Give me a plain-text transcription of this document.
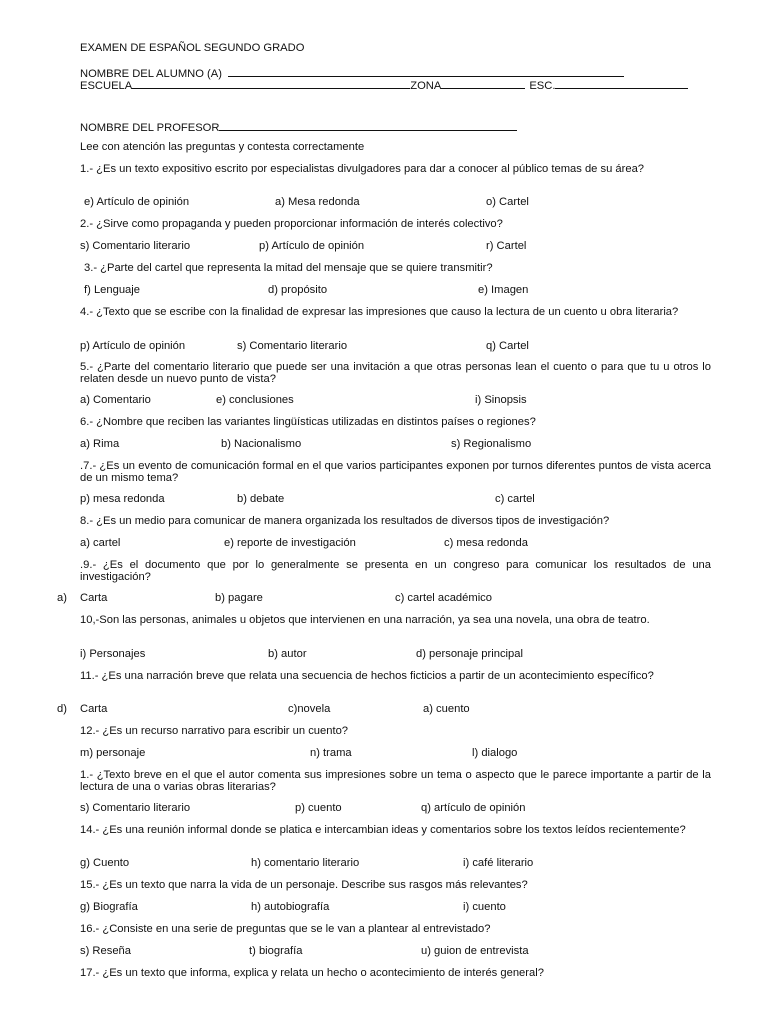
EXAMEN DE ESPAÑOL SEGUNDO GRADO
NOMBRE DEL ALUMNO (A)
ESCUELA	ZONA	ESC.
NOMBRE DEL PROFESOR
Lee con atención las preguntas y contesta correctamente
1.- ¿Es un texto expositivo escrito por especialistas divulgadores para dar a conocer al público temas de su área?
e) Artículo de opinión	a) Mesa redonda	o) Cartel
2.- ¿Sirve como propaganda y pueden proporcionar información de interés colectivo?
s) Comentario literario	p) Artículo de opinión	r) Cartel
3.- ¿Parte del cartel que representa la mitad del mensaje que se quiere transmitir?
f) Lenguaje	d) propósito	e) Imagen
4.- ¿Texto que se escribe con la finalidad de expresar las impresiones que causo la lectura de un cuento u obra literaria?
p) Artículo de opinión	s) Comentario literario	q) Cartel
5.- ¿Parte del comentario literario que puede ser una invitación a que otras personas lean el cuento o para que tu u otros lo relaten desde un nuevo punto de vista?
a) Comentario	e) conclusiones	i) Sinopsis
6.- ¿Nombre que reciben las variantes lingüísticas utilizadas en distintos países o regiones?
a) Rima	b) Nacionalismo	s) Regionalismo
.7.- ¿Es un evento de comunicación formal en el que varios participantes exponen por turnos diferentes puntos de vista acerca de un mismo tema?
p) mesa redonda	b) debate	c) cartel
8.- ¿Es un medio para comunicar de manera organizada los resultados de diversos tipos de investigación?
a) cartel	e) reporte de investigación	c) mesa redonda
.9.- ¿Es el documento que por lo generalmente se presenta en un congreso para comunicar los resultados de una investigación?
a) Carta	b) pagare	c) cartel académico
10,-Son las personas, animales u objetos que intervienen en una narración, ya sea una novela, una obra de teatro.
i) Personajes	b) autor	d) personaje principal
11.- ¿Es una narración breve que relata una secuencia de hechos ficticios a partir de un acontecimiento específico?
d) Carta	c)novela	a) cuento
12.- ¿Es un recurso narrativo para escribir un cuento?
m) personaje	n) trama	l) dialogo
1.- ¿Texto breve en el que el autor comenta sus impresiones sobre un tema o aspecto que le parece importante a partir de la lectura de una o varias obras literarias?
s) Comentario literario	p) cuento	q) artículo de opinión
14.- ¿Es una reunión informal donde se platica e intercambian ideas y comentarios sobre los textos leídos recientemente?
g) Cuento	h) comentario literario	i) café literario
15.- ¿Es un texto que narra la vida de un personaje. Describe sus rasgos más relevantes?
g) Biografía	h) autobiografía	i) cuento
16.- ¿Consiste en una serie de preguntas que se le van a plantear al entrevistado?
s) Reseña	t) biografía	u) guion de entrevista
17.- ¿Es un texto que informa, explica y relata un hecho o acontecimiento de interés general?
